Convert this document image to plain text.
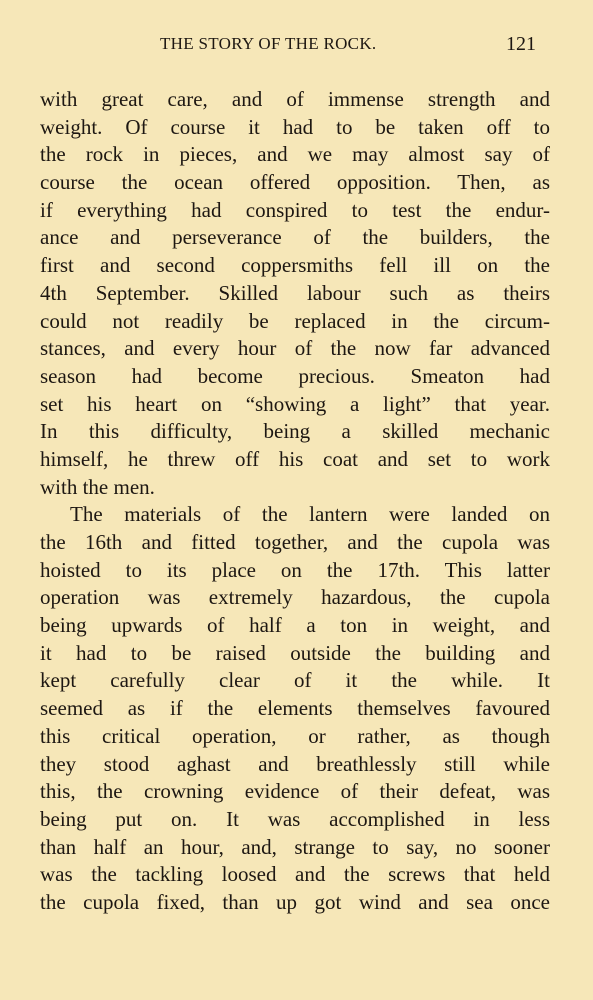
THE STORY OF THE ROCK.	121
with great care, and of immense strength and
weight. Of course it had to be taken off to
the rock in pieces, and we may almost say of
course the ocean offered opposition. Then, as
if everything had conspired to test the endur-
ance and perseverance of the builders, the
first and second coppersmiths fell ill on the
4th September. Skilled labour such as theirs
could not readily be replaced in the circum-
stances, and every hour of the now far advanced
season had become precious. Smeaton had
set his heart on “showing a light” that year.
In this difficulty, being a skilled mechanic
himself, he threw off his coat and set to work
with the men.
The materials of the lantern were landed on
the 16th and fitted together, and the cupola was
hoisted to its place on the 17th. This latter
operation was extremely hazardous, the cupola
being upwards of half a ton in weight, and
it had to be raised outside the building and
kept carefully clear of it the while. It
seemed as if the elements themselves favoured
this critical operation, or rather, as though
they stood aghast and breathlessly still while
this, the crowning evidence of their defeat, was
being put on. It was accomplished in less
than half an hour, and, strange to say, no sooner
was the tackling loosed and the screws that held
the cupola fixed, than up got wind and sea once
